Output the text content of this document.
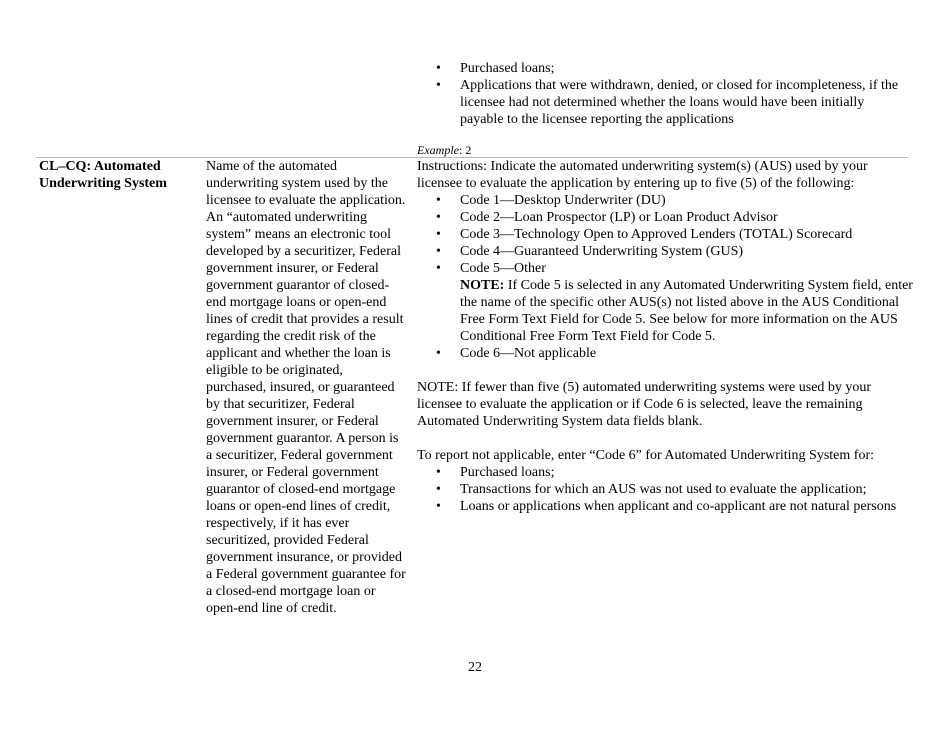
• Purchased loans;
• Applications that were withdrawn, denied, or closed for incompleteness, if the licensee had not determined whether the loans would have been initially payable to the licensee reporting the applications
Example: 2
CL–CQ: Automated Underwriting System
Name of the automated underwriting system used by the licensee to evaluate the application. An “automated underwriting system” means an electronic tool developed by a securitizer, Federal government insurer, or Federal government guarantor of closed-end mortgage loans or open-end lines of credit that provides a result regarding the credit risk of the applicant and whether the loan is eligible to be originated, purchased, insured, or guaranteed by that securitizer, Federal government insurer, or Federal government guarantor. A person is a securitizer, Federal government insurer, or Federal government guarantor of closed-end mortgage loans or open-end lines of credit, respectively, if it has ever securitized, provided Federal government insurance, or provided a Federal government guarantee for a closed-end mortgage loan or open-end line of credit.

Instructions: Indicate the automated underwriting system(s) (AUS) used by your licensee to evaluate the application by entering up to five (5) of the following:

• Code 1—Desktop Underwriter (DU)
• Code 2—Loan Prospector (LP) or Loan Product Advisor
• Code 3—Technology Open to Approved Lenders (TOTAL) Scorecard
• Code 4—Guaranteed Underwriting System (GUS)
• Code 5—Other
NOTE: If Code 5 is selected in any Automated Underwriting System field, enter the name of the specific other AUS(s) not listed above in the AUS Conditional Free Form Text Field for Code 5. See below for more information on the AUS Conditional Free Form Text Field for Code 5.
• Code 6—Not applicable

NOTE: If fewer than five (5) automated underwriting systems were used by your licensee to evaluate the application or if Code 6 is selected, leave the remaining Automated Underwriting System data fields blank.

To report not applicable, enter “Code 6” for Automated Underwriting System for:

• Purchased loans;
• Transactions for which an AUS was not used to evaluate the application;
• Loans or applications when applicant and co-applicant are not natural persons
22
